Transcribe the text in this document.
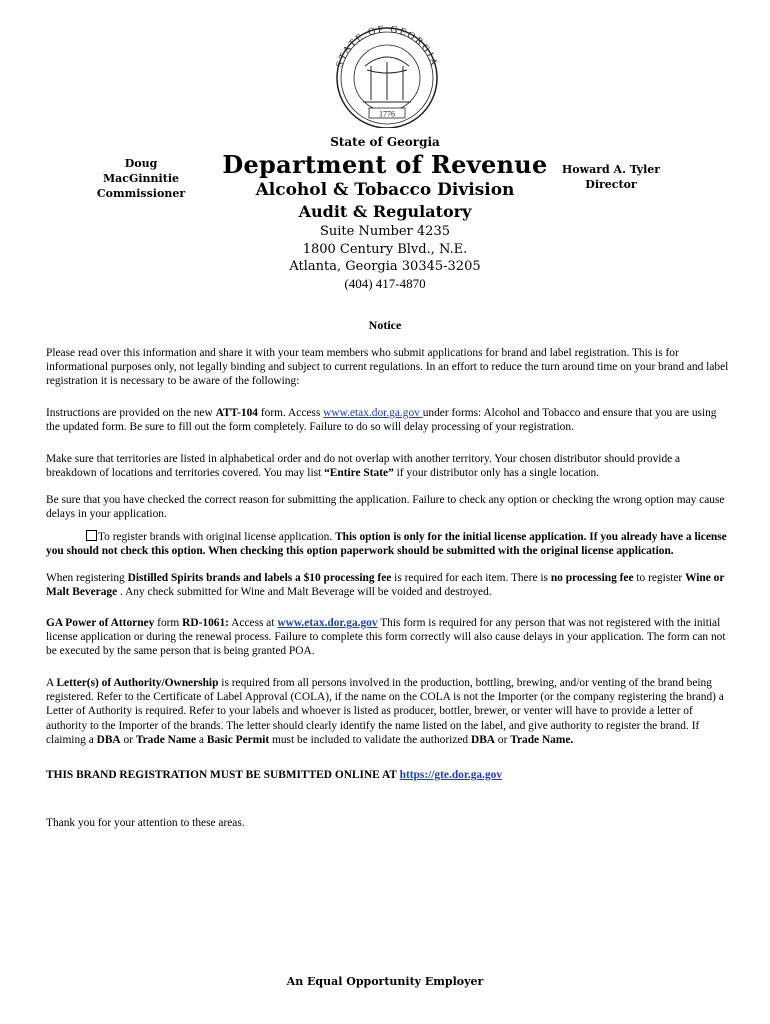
STATE OF GEORGIA
1776
State of Georgia
Department of Revenue
Alcohol & Tobacco Division
Audit & Regulatory
Suite Number 4235
1800 Century Blvd., N.E.
Atlanta, Georgia 30345-3205
(404) 417-4870
Doug MacGinnitie
Commissioner
Howard A. Tyler
Director
Notice

Please read over this information and share it with your team members who submit applications for brand and label registration. This is for informational purposes only, not legally binding and subject to current regulations. In an effort to reduce the turn around time on your brand and label registration it is necessary to be aware of the following:

Instructions are provided on the new ATT-104 form. Access www.etax.dor.ga.gov under forms: Alcohol and Tobacco and ensure that you are using the updated form. Be sure to fill out the form completely. Failure to do so will delay processing of your registration.

Make sure that territories are listed in alphabetical order and do not overlap with another territory. Your chosen distributor should provide a breakdown of locations and territories covered. You may list “Entire State” if your distributor only has a single location.

Be sure that you have checked the correct reason for submitting the application. Failure to check any option or checking the wrong option may cause delays in your application.

To register brands with original license application. This option is only for the initial license application. If you already have a license you should not check this option. When checking this option paperwork should be submitted with the original license application.

When registering Distilled Spirits brands and labels a $10 processing fee is required for each item. There is no processing fee to register Wine or Malt Beverage . Any check submitted for Wine and Malt Beverage will be voided and destroyed.

GA Power of Attorney form RD-1061: Access at www.etax.dor.ga.gov This form is required for any person that was not registered with the initial license application or during the renewal process. Failure to complete this form correctly will also cause delays in your application. The form can not be executed by the same person that is being granted POA.

A Letter(s) of Authority/Ownership is required from all persons involved in the production, bottling, brewing, and/or venting of the brand being registered. Refer to the Certificate of Label Approval (COLA), if the name on the COLA is not the Importer (or the company registering the brand) a Letter of Authority is required. Refer to your labels and whoever is listed as producer, bottler, brewer, or venter will have to provide a letter of authority to the Importer of the brands. The letter should clearly identify the name listed on the label, and give authority to register the brand. If claiming a DBA or Trade Name a Basic Permit must be included to validate the authorized DBA or Trade Name.

THIS BRAND REGISTRATION MUST BE SUBMITTED ONLINE AT https://gte.dor.ga.gov

Thank you for your attention to these areas.

An Equal Opportunity Employer
